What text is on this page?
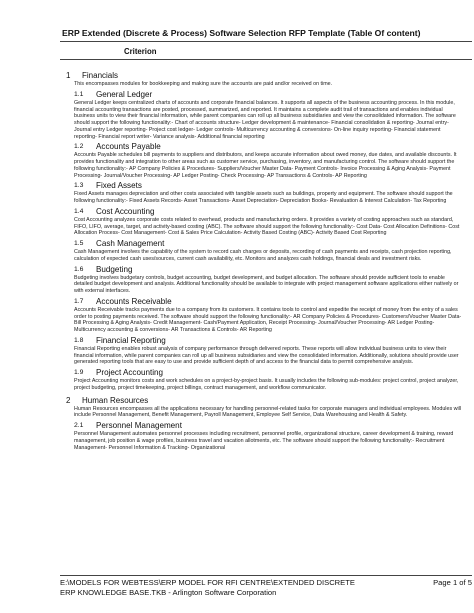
ERP Extended (Discrete & Process) Software Selection RFP Template (Table Of content)
Criterion
1	Financials
This encompasses modules for bookkeeping and making sure the accounts are paid and/or received on time.
1.1	General Ledger
General Ledger keeps centralized charts of accounts and corporate financial balances. It supports all aspects of the business accounting process. In this module, financial accounting transactions are posted, processed, summarized, and reported. It maintains a complete audit trail of transactions and enables individual business units to view their financial information, while parent companies can roll up all business subsidiaries and view the consolidated information. The software should support the following functionality:- Chart of accounts structure- Ledger development & maintenance- Financial consolidation & reporting- Journal entry- Journal entry Ledger reporting- Project cost ledger- Ledger controls- Multicurrency accounting & conversions- On-line inquiry reporting- Financial statement reporting- Financial report writer- Variance analysis- Additional financial reporting
1.2	Accounts Payable
Accounts Payable schedules bill payments to suppliers and distributors, and keeps accurate information about owed money, due dates, and available discounts. It provides functionality and integration to other areas such as customer service, purchasing, inventory, and manufacturing control. The software should support the following functionality:- AP Company Policies & Procedures- Suppliers/Voucher Master Data- Payment Controls- Invoice Processing & Aging Analysis- Payment Processing- Journal/Voucher Processing- AP Ledger Posting- Check Processing- AP Transactions & Controls- AP Reporting
1.3	Fixed Assets
Fixed Assets manages depreciation and other costs associated with tangible assets such as buildings, property and equipment. The software should support the following functionality:- Fixed Assets Records- Asset Transactions- Asset Depreciation- Depreciation Books- Revaluation & Interest Calculation- Tax Reporting
1.4	Cost Accounting
Cost Accounting analyzes corporate costs related to overhead, products and manufacturing orders. It provides a variety of costing approaches such as standard, FIFO, LIFO, average, target, and activity-based costing (ABC). The software should support the following functionality:- Cost Data- Cost Allocation Definitions- Cost Allocation Process- Cost Management- Cost & Sales Price Calculation- Activity Based Costing (ABC)- Activity Based Cost Reporting
1.5	Cash Management
Cash Management involves the capability of the system to record cash charges or deposits, recording of cash payments and receipts, cash projection reporting, calculation of expected cash uses/sources, current cash availability, etc. Monitors and analyzes cash holdings, financial deals and investment risks.
1.6	Budgeting
Budgeting involves budgetary controls, budget accounting, budget development, and budget allocation. The software should provide sufficient tools to enable detailed budget development and analysis. Additional functionality should be available to integrate with project management software applications either natively or with external interfaces.
1.7	Accounts Receivable
Accounts Receivable tracks payments due to a company from its customers. It contains tools to control and expedite the receipt of money from the entry of a sales order to posting payments received. The software should support the following functionality:- AR Company Policies & Procedures- Customers/Voucher Master Data- Bill Processing & Aging Analysis- Credit Management- Cash/Payment Application, Receipt Processing- Journal/Voucher Processing- AR Ledger Posting- Multicurrency accounting & conversions- AR Transactions & Controls- AR Reporting
1.8	Financial Reporting
Financial Reporting enables robust analysis of company performance through delivered reports. These reports will allow individual business units to view their financial information, while parent companies can roll up all business subsidiaries and view the consolidated information. Additionally, solutions should provide user generated reporting tools that are easy to use and provide sufficient depth of and access to the financial data to permit comprehensive analysis.
1.9	Project Accounting
Project Accounting monitors costs and work schedules on a project-by-project basis. It usually includes the following sub-modules: project control, project analyzer, project budgeting, project timekeeping, project billings, contract management, and workflow communicator.
2	Human Resources
Human Resources encompasses all the applications necessary for handling personnel-related tasks for corporate managers and individual employees. Modules will include Personnel Management, Benefit Management, Payroll Management, Employee Self Service, Data Warehousing and Health & Safety.
2.1	Personnel Management
Personnel Management automates personnel processes including recruitment, personnel profile, organizational structure, career development & training, reward management, job position & wage profiles, business travel and vacation allotments, etc. The software should support the following functionality:- Recruitment Management- Personnel Information & Tracking- Organizational
E:\MODELS FOR WEBTESS\ERP MODEL FOR RFI CENTRE\EXTENDED DISCRETE	Page 1 of 5
ERP KNOWLEDGE BASE.TKB - Arlington Software Corporation
